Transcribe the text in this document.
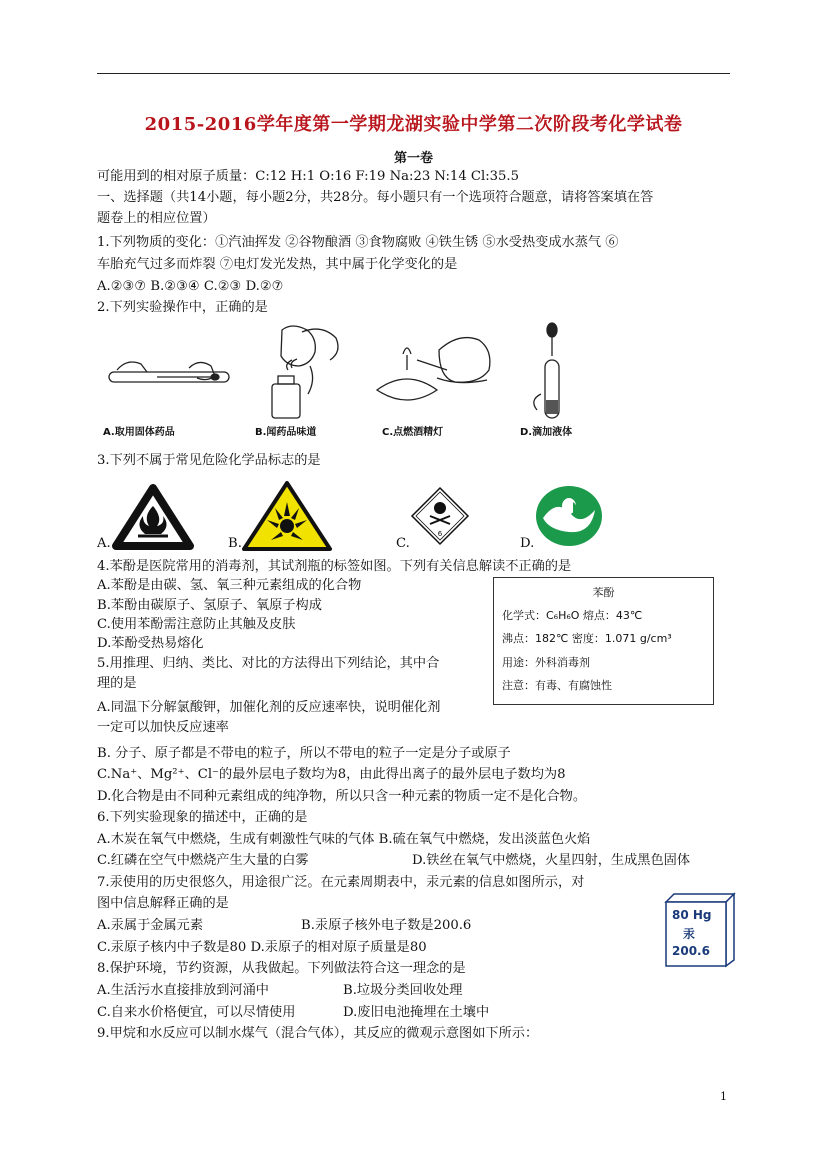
2015-2016学年度第一学期龙湖实验中学第二次阶段考化学试卷
第一卷
可能用到的相对原子质量：C:12 H:1 O:16 F:19 Na:23 N:14 Cl:35.5
一、选择题（共14小题，每小题2分，共28分。每小题只有一个选项符合题意，请将答案填在答
题卷上的相应位置）
1.下列物质的变化：①汽油挥发 ②谷物酿酒 ③食物腐败 ④铁生锈 ⑤水受热变成水蒸气 ⑥
车胎充气过多而炸裂 ⑦电灯发光发热，其中属于化学变化的是
A.②③⑦ B.②③④ C.②③ D.②⑦
2.下列实验操作中，正确的是
A.取用固体药品	B.闻药品味道	C.点燃酒精灯	D.滴加液体
3.下列不属于常见危险化学品标志的是
A.	B.	C.
6
D.
4.苯酚是医院常用的消毒剂，其试剂瓶的标签如图。下列有关信息解读不正确的是
A.苯酚是由碳、氢、氧三种元素组成的化合物
B.苯酚由碳原子、氢原子、氧原子构成
C.使用苯酚需注意防止其触及皮肤
D.苯酚受热易熔化
苯酚
化学式：C₆H₆O 熔点：43℃
沸点：182℃ 密度：1.071 g/cm³
用途：外科消毒剂
注意：有毒、有腐蚀性
5.用推理、归纳、类比、对比的方法得出下列结论，其中合
理的是
A.同温下分解氯酸钾，加催化剂的反应速率快，说明催化剂
一定可以加快反应速率
B. 分子、原子都是不带电的粒子，所以不带电的粒子一定是分子或原子
C.Na⁺、Mg²⁺、Cl⁻的最外层电子数均为8，由此得出离子的最外层电子数均为8
D.化合物是由不同种元素组成的纯净物，所以只含一种元素的物质一定不是化合物。
6.下列实验现象的描述中，正确的是
A.木炭在氧气中燃烧，生成有刺激性气味的气体 B.硫在氧气中燃烧，发出淡蓝色火焰
C.红磷在空气中燃烧产生大量的白雾	D.铁丝在氧气中燃烧，火星四射，生成黑色固体
7.汞使用的历史很悠久，用途很广泛。在元素周期表中，汞元素的信息如图所示，对
图中信息解释正确的是
A.汞属于金属元素	B.汞原子核外电子数是200.6
C.汞原子核内中子数是80 D.汞原子的相对原子质量是80
80 Hg
汞
200.6
8.保护环境，节约资源，从我做起。下列做法符合这一理念的是
A.生活污水直接排放到河涌中	B.垃圾分类回收处理
C.自来水价格便宜，可以尽情使用	D.废旧电池掩埋在土壤中
9.甲烷和水反应可以制水煤气（混合气体），其反应的微观示意图如下所示：
1
